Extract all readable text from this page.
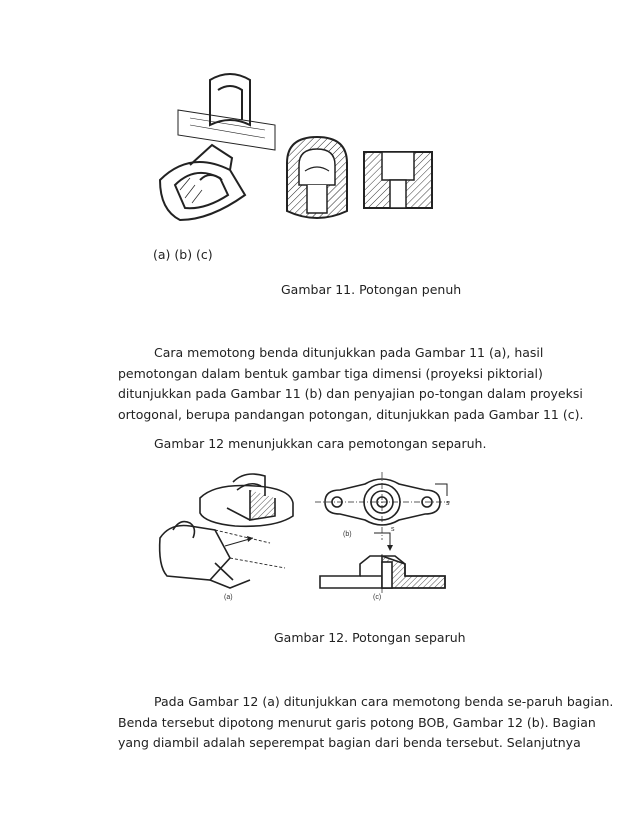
(a) (b) (c)
Gambar 11. Potongan penuh
Cara memotong benda ditunjukkan pada Gambar 11 (a), hasil
pemotongan dalam bentuk gambar tiga dimensi (proyeksi piktorial)
ditunjukkan pada Gambar 11 (b) dan penyajian po-tongan dalam proyeksi
ortogonal, berupa pandangan potongan, ditunjukkan pada Gambar 11 (c).
Gambar 12 menunjukkan cara pemotongan separuh.
(a)
s
(b)
s
(c)
Gambar 12. Potongan separuh
Pada Gambar 12 (a) ditunjukkan cara memotong benda se-paruh bagian.
Benda tersebut dipotong menurut garis potong BOB, Gambar 12 (b). Bagian
yang diambil adalah seperempat bagian dari benda tersebut. Selanjutnya
